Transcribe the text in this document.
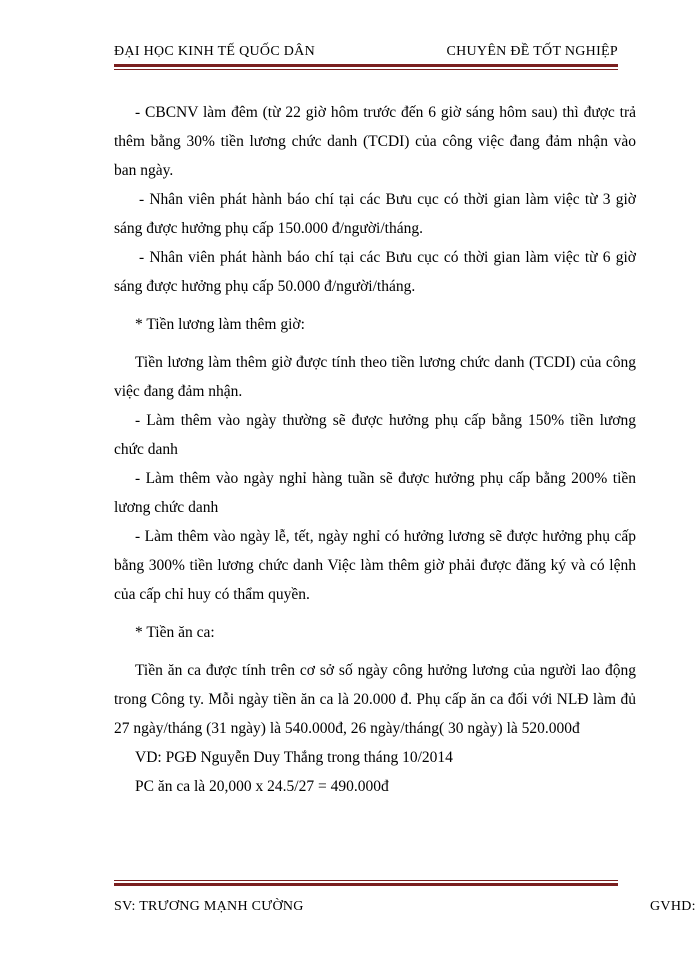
ĐẠI HỌC KINH TẾ QUỐC DÂN	CHUYÊN ĐỀ TỐT NGHIỆP

- CBCNV làm đêm (từ 22 giờ hôm trước đến 6 giờ sáng hôm sau) thì được trả thêm bằng 30% tiền lương chức danh (TCDI) của công việc đang đảm nhận vào ban ngày.

- Nhân viên phát hành báo chí tại các Bưu cục có thời gian làm việc từ 3 giờ sáng được hưởng phụ cấp 150.000 đ/người/tháng.

- Nhân viên phát hành báo chí tại các Bưu cục có thời gian làm việc từ 6 giờ sáng được hưởng phụ cấp 50.000 đ/người/tháng.

* Tiền lương làm thêm giờ:

Tiền lương làm thêm giờ được tính theo tiền lương chức danh (TCDI) của công việc đang đảm nhận.

- Làm thêm vào ngày thường sẽ được hưởng phụ cấp bằng 150% tiền lương chức danh

- Làm thêm vào ngày nghỉ hàng tuần sẽ được hưởng phụ cấp bằng 200% tiền lương chức danh

- Làm thêm vào ngày lễ, tết, ngày nghỉ có hưởng lương sẽ được hưởng phụ cấp bằng 300% tiền lương chức danh Việc làm thêm giờ phải được đăng ký và có lệnh của cấp chỉ huy có thẩm quyền.

* Tiền ăn ca:

Tiền ăn ca được tính trên cơ sở số ngày công hưởng lương của người lao động trong Công ty. Mỗi ngày tiền ăn ca là 20.000 đ. Phụ cấp ăn ca đối với NLĐ làm đủ 27 ngày/tháng (31 ngày) là 540.000đ, 26 ngày/tháng( 30 ngày) là 520.000đ

VD: PGĐ Nguyễn Duy Thắng trong tháng 10/2014

PC ăn ca là 20,000 x 24.5/27 = 490.000đ

SV: TRƯƠNG MẠNH CƯỜNG	GVHD:
